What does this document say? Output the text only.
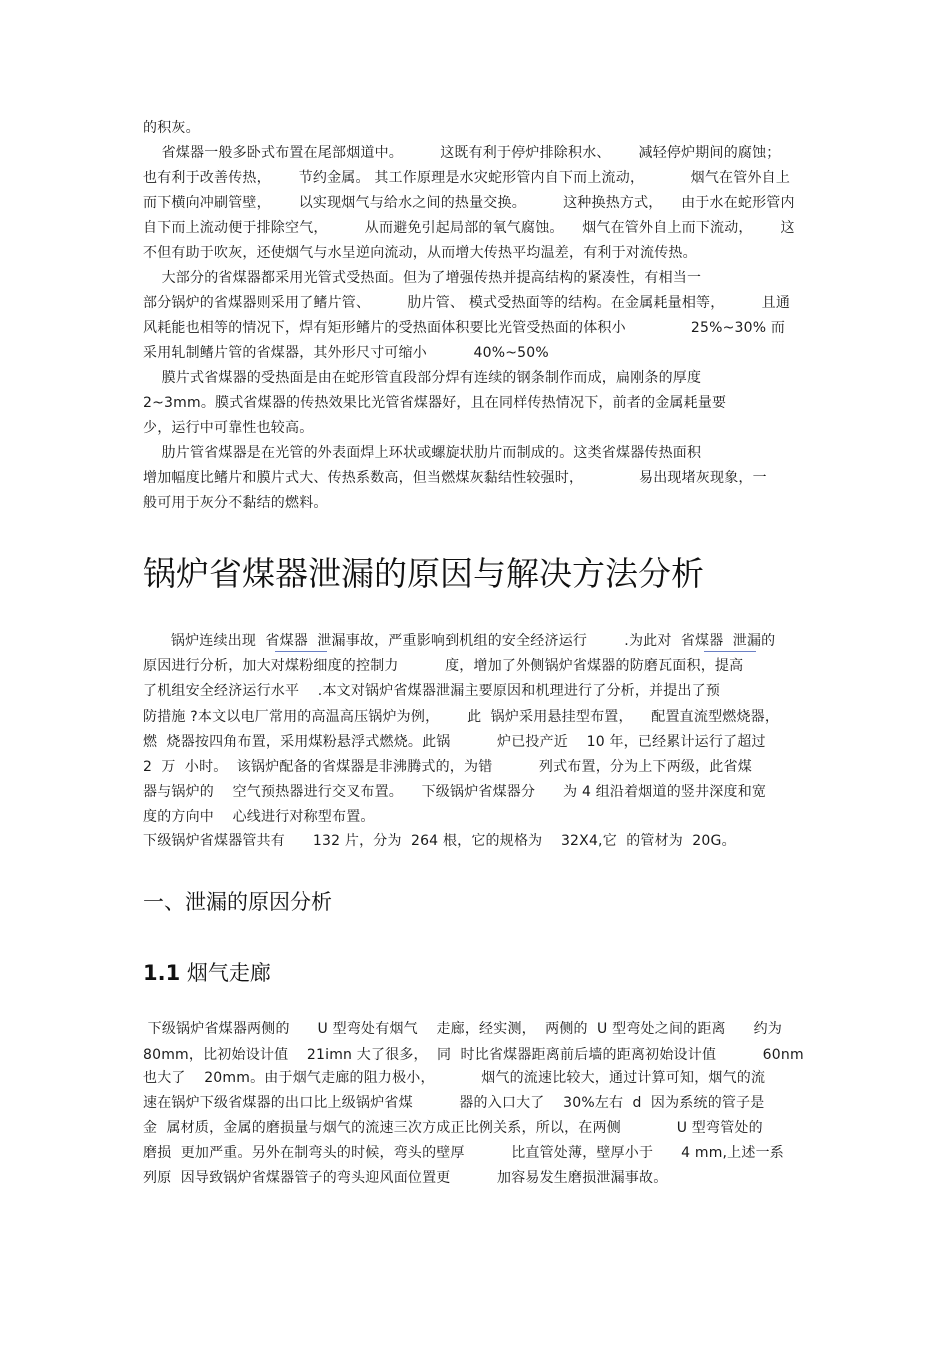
的积灰。
省煤器一般多卧式布置在尾部烟道中。        这既有利于停炉排除积水、      减轻停炉期间的腐蚀；
也有利于改善传热，      节约金属。 其工作原理是水灾蛇形管内自下而上流动，          烟气在管外自上
而下横向冲刷管壁，      以实现烟气与给水之间的热量交换。        这种换热方式，    由于水在蛇形管内
自下而上流动便于排除空气，        从而避免引起局部的氧气腐蚀。    烟气在管外自上而下流动，      这
不但有助于吹灰，还使烟气与水呈逆向流动，从而增大传热平均温差，有利于对流传热。
大部分的省煤器都采用光管式受热面。但为了增强传热并提高结构的紧凑性，有相当一
部分锅炉的省煤器则采用了鳍片管、        肋片管、 模式受热面等的结构。在金属耗量相等，        且通
风耗能也相等的情况下，焊有矩形鳍片的受热面体积要比光管受热面的体积小              25%~30% 而
采用轧制鳍片管的省煤器，其外形尺寸可缩小          40%~50%
膜片式省煤器的受热面是由在蛇形管直段部分焊有连续的钢条制作而成，扁刚条的厚度
2~3mm。膜式省煤器的传热效果比光管省煤器好，且在同样传热情况下，前者的金属耗量要
少，运行中可靠性也较高。
肋片管省煤器是在光管的外表面焊上环状或螺旋状肋片而制成的。这类省煤器传热面积
增加幅度比鳍片和膜片式大、传热系数高，但当燃煤灰黏结性较强时，            易出现堵灰现象，一
般可用于灰分不黏结的燃料。
锅炉省煤器泄漏的原因与解决方法分析
锅炉连续出现  省煤器  泄漏事故，严重影响到机组的安全经济运行        .为此对  省煤器  泄漏的
原因进行分析，加大对煤粉细度的控制力          度，增加了外侧锅炉省煤器的防磨瓦面积，提高
了机组安全经济运行水平    .本文对锅炉省煤器泄漏主要原因和机理进行了分析，并提出了预
防措施 ?本文以电厂常用的高温高压锅炉为例，      此  锅炉采用悬挂型布置，    配置直流型燃烧器，
燃  烧器按四角布置，采用煤粉悬浮式燃烧。此锅          炉已投产近    10 年，已经累计运行了超过
2  万  小时。  该锅炉配备的省煤器是非沸腾式的，为错          列式布置，分为上下两级，此省煤
器与锅炉的    空气预热器进行交叉布置。    下级锅炉省煤器分      为 4 组沿着烟道的竖井深度和宽
度的方向中    心线进行对称型布置。
下级锅炉省煤器管共有      132 片，分为  264 根，它的规格为    32X4,它  的管材为  20G。
一、泄漏的原因分析
1.1 烟气走廊
下级锅炉省煤器两侧的      U 型弯处有烟气    走廊，经实测，  两侧的  U 型弯处之间的距离      约为
80mm，比初始设计值    21imn 大了很多，  同  时比省煤器距离前后墙的距离初始设计值          60nm
也大了    20mm。由于烟气走廊的阻力极小，          烟气的流速比较大，通过计算可知，烟气的流
速在锅炉下级省煤器的出口比上级锅炉省煤          器的入口大了    30%左右  d  因为系统的管子是
金  属材质，金属的磨损量与烟气的流速三次方成正比例关系，所以，在两侧            U 型弯管处的
磨损  更加严重。另外在制弯头的时候，弯头的壁厚          比直管处薄，壁厚小于      4 mm,上述一系
列原  因导致锅炉省煤器管子的弯头迎风面位置更          加容易发生磨损泄漏事故。
